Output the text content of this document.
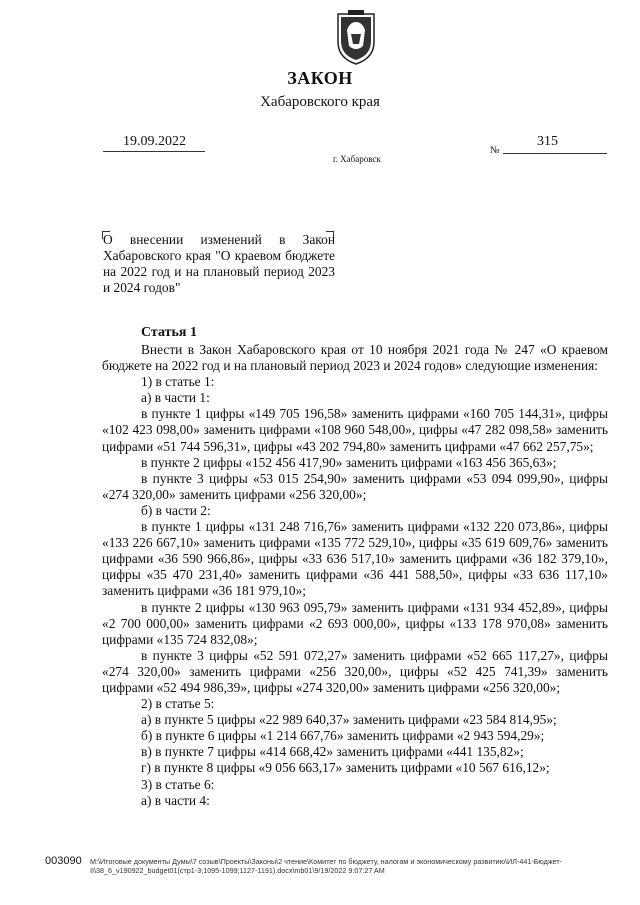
ЗАКОН
Хабаровского края
19.09.2022
№
315
г. Хабаровск
О внесении изменений в Закон Хабаровского края "О краевом бюджете на 2022 год и на плановый период 2023 и 2024 годов"
Статья 1

Внести в Закон Хабаровского края от 10 ноября 2021 года № 247 «О краевом бюджете на 2022 год и на плановый период 2023 и 2024 годов» следующие изменения:

1) в статье 1:

а) в части 1:

в пункте 1 цифры «149 705 196,58» заменить цифрами «160 705 144,31», цифры «102 423 098,00» заменить цифрами «108 960 548,00», цифры «47 282 098,58» заменить цифрами «51 744 596,31», цифры «43 202 794,80» заменить цифрами «47 662 257,75»;

в пункте 2 цифры «152 456 417,90» заменить цифрами «163 456 365,63»;

в пункте 3 цифры «53 015 254,90» заменить цифрами «53 094 099,90», цифры «274 320,00» заменить цифрами «256 320,00»;

б) в части 2:

в пункте 1 цифры «131 248 716,76» заменить цифрами «132 220 073,86», цифры «133 226 667,10» заменить цифрами «135 772 529,10», цифры «35 619 609,76» заменить цифрами «36 590 966,86», цифры «33 636 517,10» заменить цифрами «36 182 379,10», цифры «35 470 231,40» заменить цифрами «36 441 588,50», цифры «33 636 117,10» заменить цифрами «36 181 979,10»;

в пункте 2 цифры «130 963 095,79» заменить цифрами «131 934 452,89», цифры «2 700 000,00» заменить цифрами «2 693 000,00», цифры «133 178 970,08» заменить цифрами «135 724 832,08»;

в пункте 3 цифры «52 591 072,27» заменить цифрами «52 665 117,27», цифры «274 320,00» заменить цифрами «256 320,00», цифры «52 425 741,39» заменить цифрами «52 494 986,39», цифры «274 320,00» заменить цифрами «256 320,00»;

2) в статье 5:

а) в пункте 5 цифры «22 989 640,37» заменить цифрами «23 584 814,95»;

б) в пункте 6 цифры «1 214 667,76» заменить цифрами «2 943 594,29»;

в) в пункте 7 цифры «414 668,42» заменить цифрами «441 135,82»;

г) в пункте 8 цифры «9 056 663,17» заменить цифрами «10 567 616,12»;

3) в статье 6:

а) в части 4:

003090 M:\Итоговые документы Думы\7 созыв\Проекты\Законы\2 чтение\Комитет по бюджету, налогам и экономическому развитию\ИЛ-441-Бюджет-II\38_6_v190922_budget01(стр1-3;1095-1099;1127-1191).docx\mb01\9/19/2022 9:07:27 AM
